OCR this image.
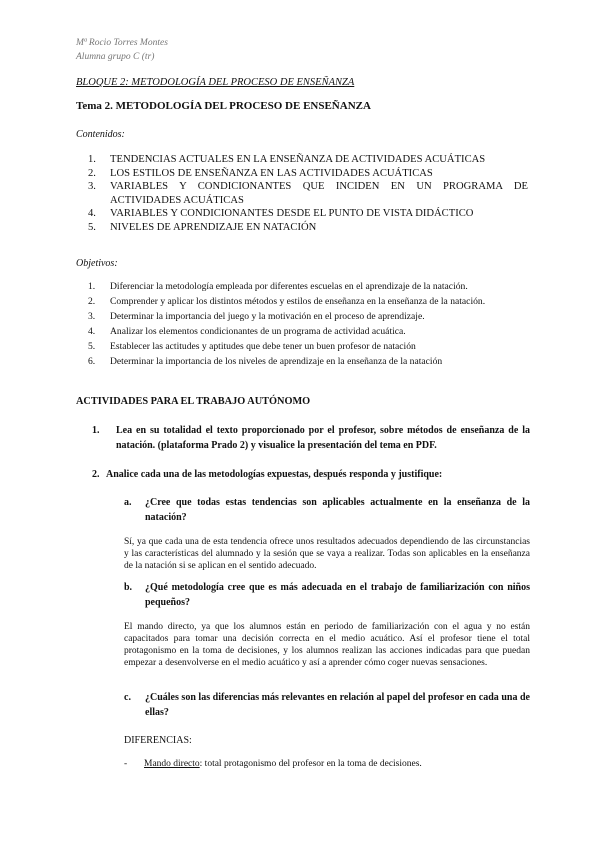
Mª Rocio Torres Montes
Alumna grupo C (tr)
BLOQUE 2: METODOLOGÍA DEL PROCESO DE ENSEÑANZA
Tema 2. METODOLOGÍA DEL PROCESO DE ENSEÑANZA
Contenidos:
1.	TENDENCIAS ACTUALES EN LA ENSEÑANZA DE ACTIVIDADES ACUÁTICAS
2.	LOS ESTILOS DE ENSEÑANZA EN LAS ACTIVIDADES ACUÁTICAS
3.	VARIABLES Y CONDICIONANTES QUE INCIDEN EN UN PROGRAMA DE ACTIVIDADES ACUÁTICAS
4.	VARIABLES Y CONDICIONANTES DESDE EL PUNTO DE VISTA DIDÁCTICO
5.	NIVELES DE APRENDIZAJE EN NATACIÓN
Objetivos:
1.	Diferenciar la metodología empleada por diferentes escuelas en el aprendizaje de la natación.
2.	Comprender y aplicar los distintos métodos y estilos de enseñanza en la enseñanza de la natación.
3.	Determinar la importancia del juego y la motivación en el proceso de aprendizaje.
4.	Analizar los elementos condicionantes de un programa de actividad acuática.
5.	Establecer las actitudes y aptitudes que debe tener un buen profesor de natación
6.	Determinar la importancia de los niveles de aprendizaje en la enseñanza de la natación
ACTIVIDADES PARA EL TRABAJO AUTÓNOMO
1.	Lea en su totalidad el texto proporcionado por el profesor, sobre métodos de enseñanza de la natación. (plataforma Prado 2) y visualice la presentación del tema en PDF.
2. Analice cada una de las metodologías expuestas, después responda y justifique:
a.	¿Cree que todas estas tendencias son aplicables actualmente en la enseñanza de la natación?
Sí, ya que cada una de esta tendencia ofrece unos resultados adecuados dependiendo de las circunstancias y las características del alumnado y la sesión que se vaya a realizar. Todas son aplicables en la enseñanza de la natación si se aplican en el sentido adecuado.
b.	¿Qué metodología cree que es más adecuada en el trabajo de familiarización con niños pequeños?
El mando directo, ya que los alumnos están en periodo de familiarización con el agua y no están capacitados para tomar una decisión correcta en el medio acuático. Así el profesor tiene el total protagonismo en la toma de decisiones, y los alumnos realizan las acciones indicadas para que puedan empezar a desenvolverse en el medio acuático y así a aprender cómo coger nuevas sensaciones.
c.	¿Cuáles son las diferencias más relevantes en relación al papel del profesor en cada una de ellas?
DIFERENCIAS:
-	Mando directo : total protagonismo del profesor en la toma de decisiones.
